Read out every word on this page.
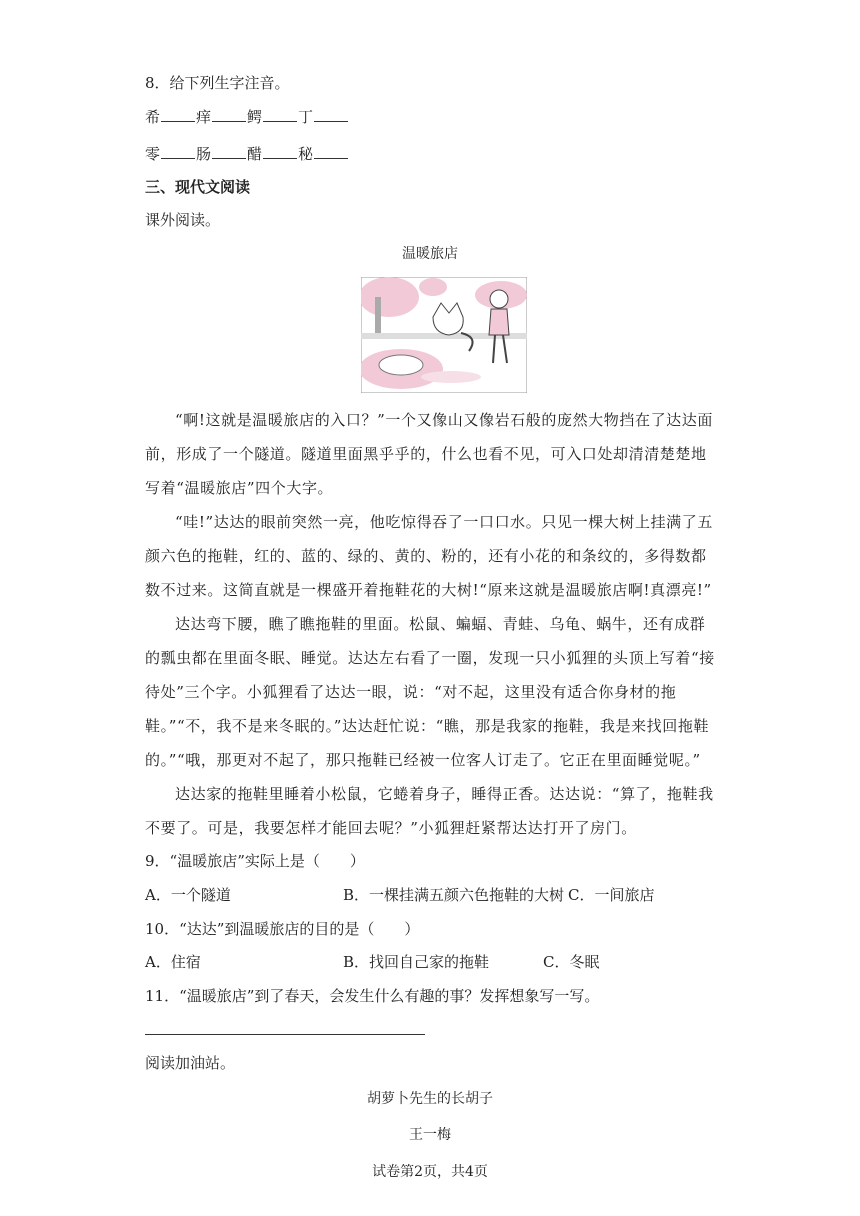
8．给下列生字注音。
希 痒 鳄 丁
零 肠 醋 秘
三、现代文阅读
课外阅读。
温暖旅店

“啊!这就是温暖旅店的入口？”一个又像山又像岩石般的庞然大物挡在了达达面前，形成了一个隧道。隧道里面黑乎乎的，什么也看不见，可入口处却清清楚楚地写着“温暖旅店”四个大字。

“哇!”达达的眼前突然一亮，他吃惊得吞了一口口水。只见一棵大树上挂满了五颜六色的拖鞋，红的、蓝的、绿的、黄的、粉的，还有小花的和条纹的，多得数都数不过来。这简直就是一棵盛开着拖鞋花的大树!“原来这就是温暖旅店啊!真漂亮!”

达达弯下腰，瞧了瞧拖鞋的里面。松鼠、蝙蝠、青蛙、乌龟、蜗牛，还有成群的瓢虫都在里面冬眠、睡觉。达达左右看了一圈，发现一只小狐狸的头顶上写着“接待处”三个字。小狐狸看了达达一眼，说：“对不起，这里没有适合你身材的拖鞋。”“不，我不是来冬眠的。”达达赶忙说：“瞧，那是我家的拖鞋，我是来找回拖鞋的。”“哦，那更对不起了，那只拖鞋已经被一位客人订走了。它正在里面睡觉呢。”

达达家的拖鞋里睡着小松鼠，它蜷着身子，睡得正香。达达说：“算了，拖鞋我不要了。可是，我要怎样才能回去呢？”小狐狸赶紧帮达达打开了房门。

9．“温暖旅店”实际上是（　　）
A．一个隧道	B．一棵挂满五颜六色拖鞋的大树 C．一间旅店
10．“达达”到温暖旅店的目的是（　　）
A．住宿	B．找回自己家的拖鞋	C．冬眠
11．“温暖旅店”到了春天，会发生什么有趣的事？发挥想象写一写。
阅读加油站。
胡萝卜先生的长胡子
王一梅
试卷第2页，共4页
